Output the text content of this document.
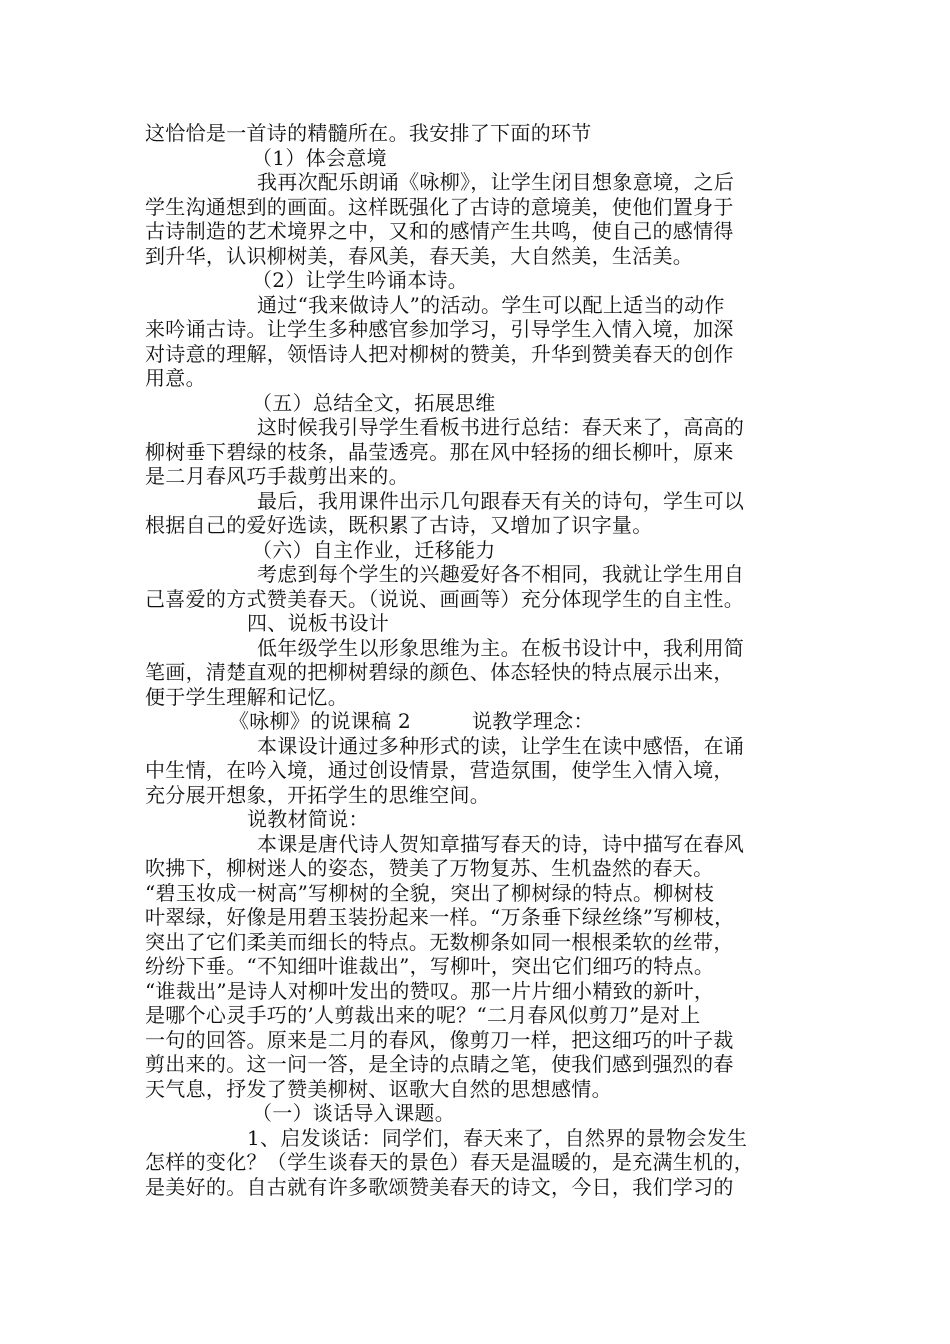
这恰恰是一首诗的精髓所在。我安排了下面的环节
（1）体会意境
我再次配乐朗诵《咏柳》，让学生闭目想象意境，之后
学生沟通想到的画面。这样既强化了古诗的意境美，使他们置身于
古诗制造的艺术境界之中，又和的感情产生共鸣，使自己的感情得
到升华，认识柳树美，春风美，春天美，大自然美，生活美。
（2）让学生吟诵本诗。
通过“我来做诗人”的活动。学生可以配上适当的动作
来吟诵古诗。让学生多种感官参加学习，引导学生入情入境，加深
对诗意的理解，领悟诗人把对柳树的赞美，升华到赞美春天的创作
用意。
（五）总结全文，拓展思维
这时候我引导学生看板书进行总结：春天来了，高高的
柳树垂下碧绿的枝条，晶莹透亮。那在风中轻扬的细长柳叶，原来
是二月春风巧手裁剪出来的。
最后，我用课件出示几句跟春天有关的诗句，学生可以
根据自己的爱好选读，既积累了古诗，又增加了识字量。
（六）自主作业，迁移能力
考虑到每个学生的兴趣爱好各不相同，我就让学生用自
己喜爱的方式赞美春天。（说说、画画等）充分体现学生的自主性。
四、说板书设计
低年级学生以形象思维为主。在板书设计中，我利用简
笔画，清楚直观的把柳树碧绿的颜色、体态轻快的特点展示出来，
便于学生理解和记忆。
《咏柳》的说课稿 2　　　说教学理念：
本课设计通过多种形式的读，让学生在读中感悟，在诵
中生情，在吟入境，通过创设情景，营造氛围，使学生入情入境，
充分展开想象，开拓学生的思维空间。
说教材简说：
本课是唐代诗人贺知章描写春天的诗，诗中描写在春风
吹拂下，柳树迷人的姿态，赞美了万物复苏、生机盎然的春天。
“碧玉妆成一树高”写柳树的全貌，突出了柳树绿的特点。柳树枝
叶翠绿，好像是用碧玉装扮起来一样。“万条垂下绿丝绦”写柳枝，
突出了它们柔美而细长的特点。无数柳条如同一根根柔软的丝带，
纷纷下垂。“不知细叶谁裁出”，写柳叶，突出它们细巧的特点。
“谁裁出”是诗人对柳叶发出的赞叹。那一片片细小精致的新叶，
是哪个心灵手巧的’人剪裁出来的呢？“二月春风似剪刀”是对上
一句的回答。原来是二月的春风，像剪刀一样，把这细巧的叶子裁
剪出来的。这一问一答，是全诗的点睛之笔，使我们感到强烈的春
天气息，抒发了赞美柳树、讴歌大自然的思想感情。
（一）谈话导入课题。
1、启发谈话：同学们，春天来了，自然界的景物会发生
怎样的变化？（学生谈春天的景色）春天是温暖的，是充满生机的，
是美好的。自古就有许多歌颂赞美春天的诗文，今日，我们学习的
